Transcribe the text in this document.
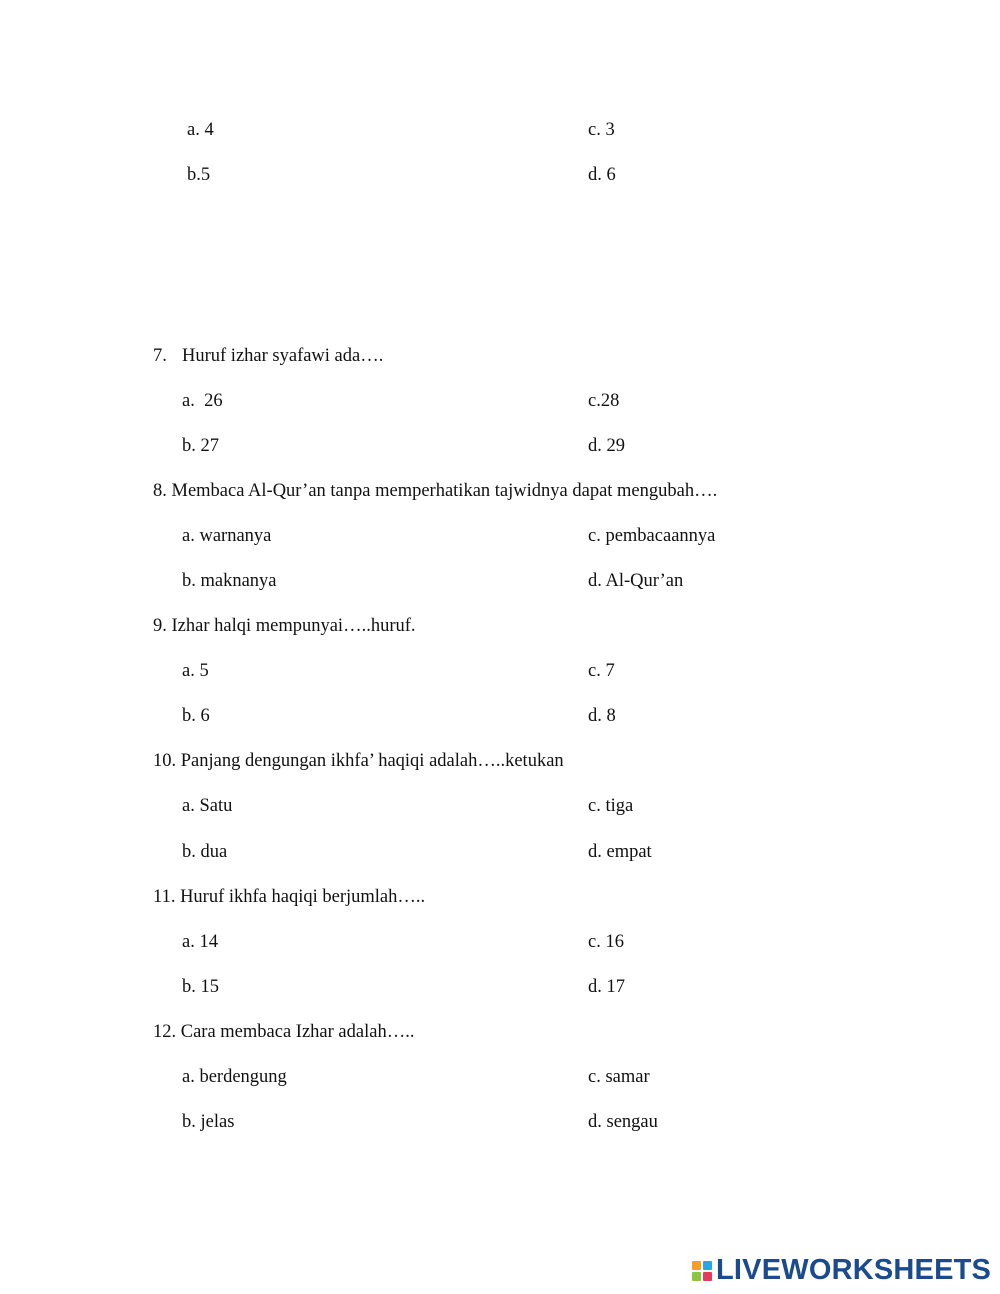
a. 4	c. 3
b.5	d. 6
7. Huruf izhar syafawi ada….
a.  26	c.28
b. 27	d. 29
8. Membaca Al-Qur’an tanpa memperhatikan tajwidnya dapat mengubah….
a. warnanya	c. pembacaannya
b. maknanya	d. Al-Qur’an
9. Izhar halqi mempunyai…..huruf.
a. 5	c. 7
b. 6	d. 8
10. Panjang dengungan ikhfa’ haqiqi adalah…..ketukan
a. Satu	c. tiga
b. dua	d. empat
11. Huruf ikhfa haqiqi berjumlah…..
a. 14	c. 16
b. 15	d. 17
12. Cara membaca Izhar adalah…..
a. berdengung	c. samar
b. jelas	d. sengau
LIVEWORKSHEETS
